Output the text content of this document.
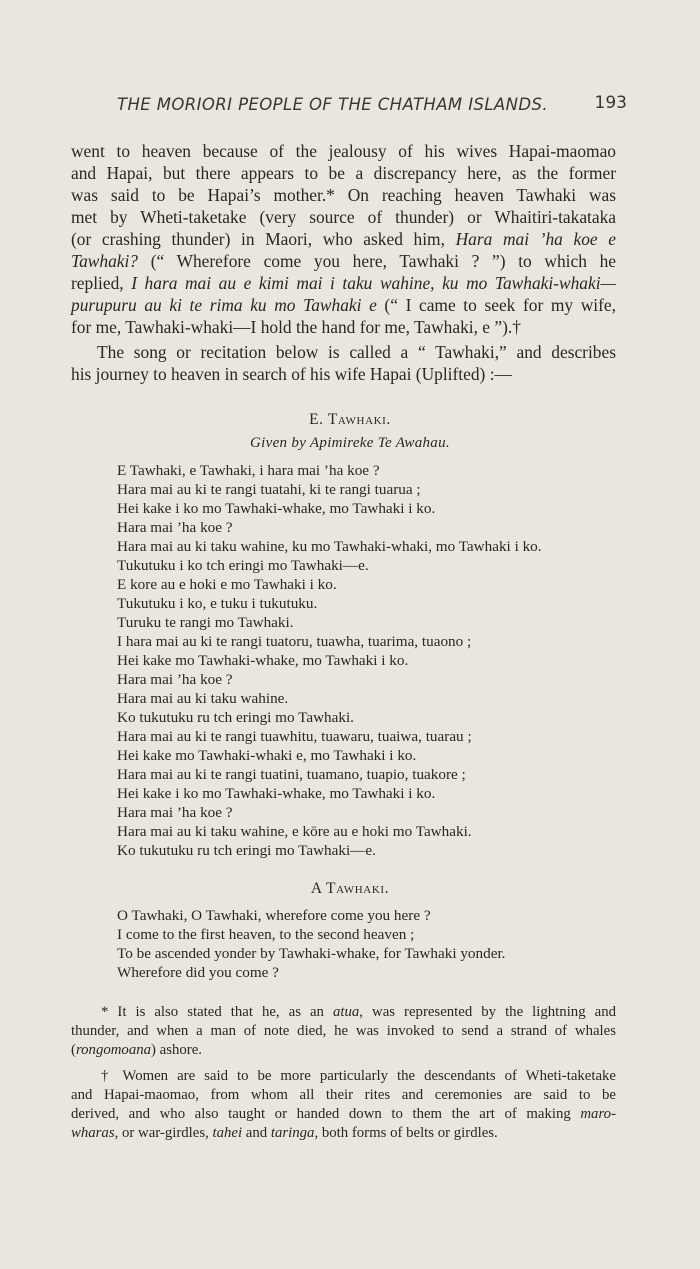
THE MORIORI PEOPLE OF THE CHATHAM ISLANDS.	193
went to heaven because of the jealousy of his wives Hapai-maomao
and Hapai, but there appears to be a discrepancy here, as the former
was said to be Hapai’s mother.* On reaching heaven Tawhaki was
met by Wheti-taketake (very source of thunder) or Whaitiri-takataka
(or crashing thunder) in Maori, who asked him, Hara mai ’ha koe e
Tawhaki? (“ Wherefore come you here, Tawhaki ? ”) to which he
replied, I hara mai au e kimi mai i taku wahine, ku mo Tawhaki-whaki—
purupuru au ki te rima ku mo Tawhaki e (“ I came to seek for my wife,
for me, Tawhaki-whaki—I hold the hand for me, Tawhaki, e ”).†
The song or recitation below is called a “ Tawhaki,” and describes
his journey to heaven in search of his wife Hapai (Uplifted) :—
E. Tawhaki.
Given by Apimireke Te Awahau.
E Tawhaki, e Tawhaki, i hara mai ’ha koe ?
Hara mai au ki te rangi tuatahi, ki te rangi tuarua ;
Hei kake i ko mo Tawhaki-whake, mo Tawhaki i ko.
Hara mai ’ha koe ?
Hara mai au ki taku wahine, ku mo Tawhaki-whaki, mo Tawhaki i ko.
Tukutuku i ko tch eringi mo Tawhaki—e.
E kore au e hoki e mo Tawhaki i ko.
Tukutuku i ko, e tuku i tukutuku.
Turuku te rangi mo Tawhaki.
I hara mai au ki te rangi tuatoru, tuawha, tuarima, tuaono ;
Hei kake mo Tawhaki-whake, mo Tawhaki i ko.
Hara mai ’ha koe ?
Hara mai au ki taku wahine.
Ko tukutuku ru tch eringi mo Tawhaki.
Hara mai au ki te rangi tuawhitu, tuawaru, tuaiwa, tuarau ;
Hei kake mo Tawhaki-whaki e, mo Tawhaki i ko.
Hara mai au ki te rangi tuatini, tuamano, tuapio, tuakore ;
Hei kake i ko mo Tawhaki-whake, mo Tawhaki i ko.
Hara mai ’ha koe ?
Hara mai au ki taku wahine, e kōre au e hoki mo Tawhaki.
Ko tukutuku ru tch eringi mo Tawhaki—e.
A Tawhaki.
O Tawhaki, O Tawhaki, wherefore come you here ?
I come to the first heaven, to the second heaven ;
To be ascended yonder by Tawhaki-whake, for Tawhaki yonder.
Wherefore did you come ?
* It is also stated that he, as an atua, was represented by the lightning and
thunder, and when a man of note died, he was invoked to send a strand of whales
(rongomoana) ashore.
† Women are said to be more particularly the descendants of Wheti-taketake
and Hapai-maomao, from whom all their rites and ceremonies are said to be
derived, and who also taught or handed down to them the art of making maro-
wharas, or war-girdles, tahei and taringa, both forms of belts or girdles.
